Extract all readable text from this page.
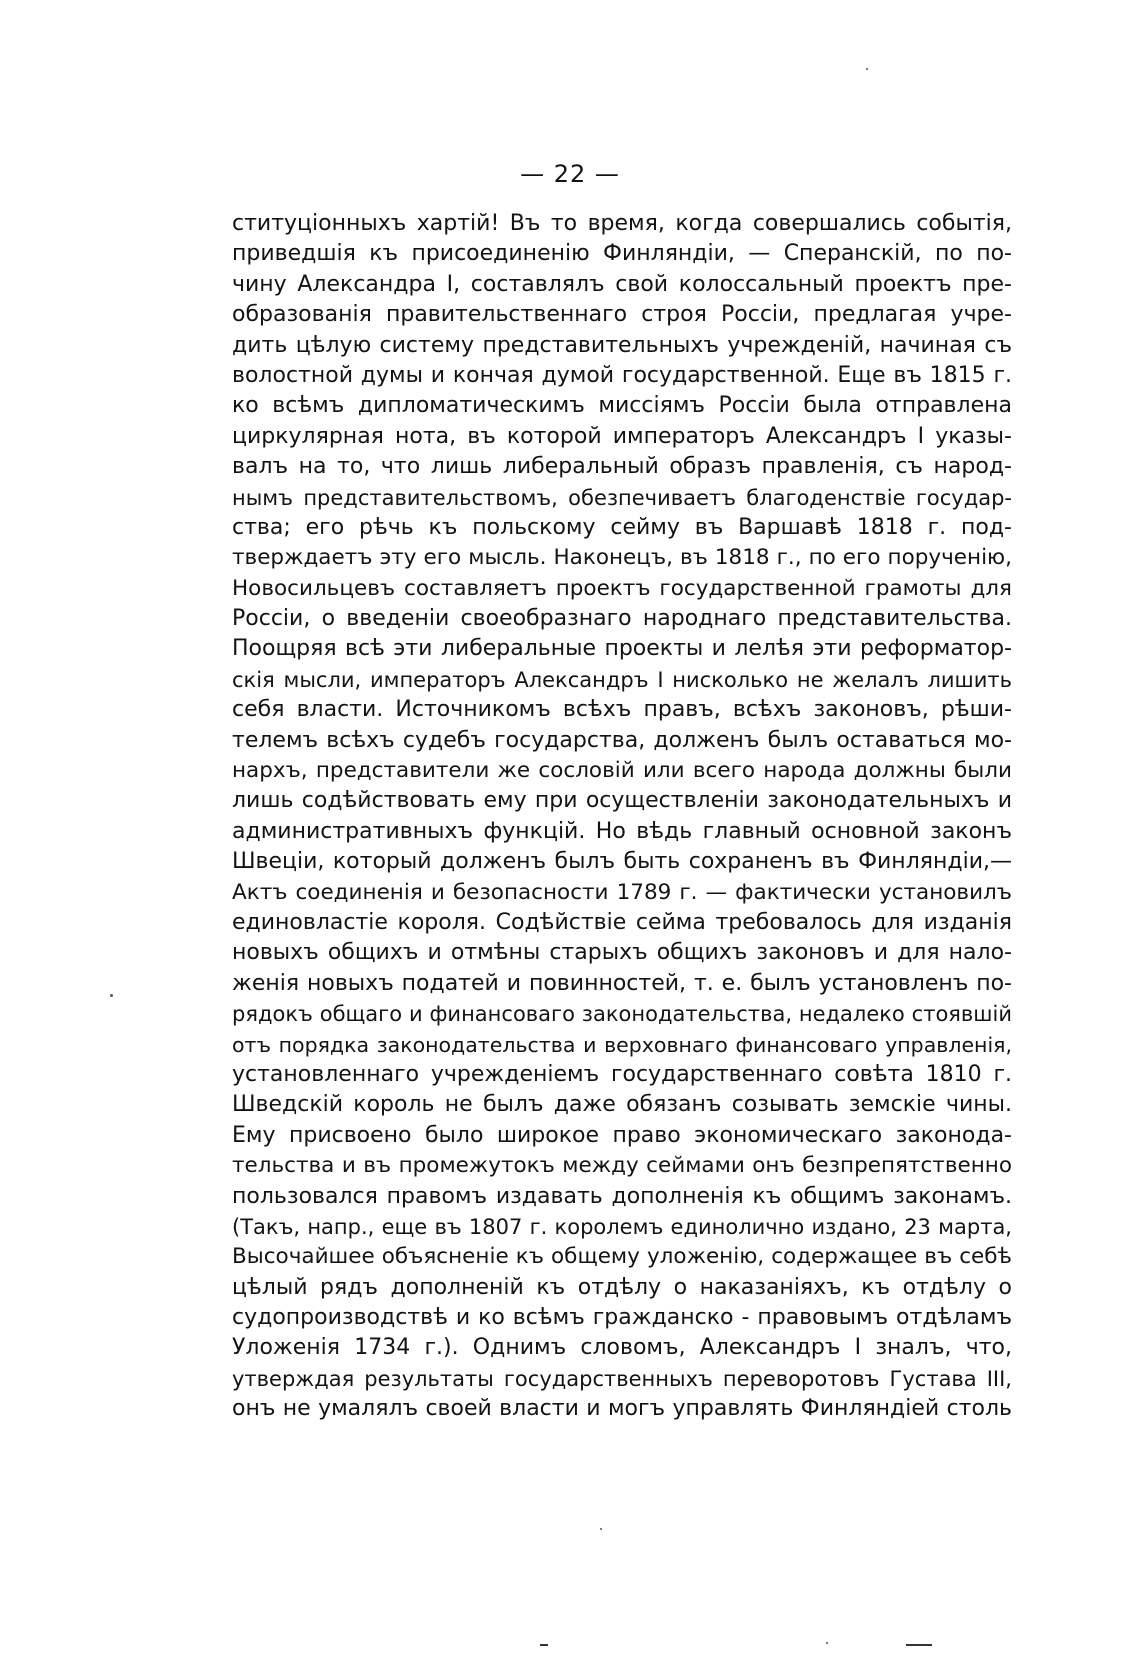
— 22 —
ституціонныхъ хартій! Въ то время, когда совершались событія,
приведшія къ присоединенію Финляндіи, — Сперанскій, по по-
чину Александра I, составлялъ свой колоссальный проектъ пре-
образованія правительственнаго строя Россіи, предлагая учре-
дить цѣлую систему представительныхъ учрежденій, начиная съ
волостной думы и кончая думой государственной. Еще въ 1815 г.
ко всѣмъ дипломатическимъ миссіямъ Россіи была отправлена
циркулярная нота, въ которой императоръ Александръ I указы-
валъ на то, что лишь либеральный образъ правленія, съ народ-
нымъ представительствомъ, обезпечиваетъ благоденствіе государ-
ства; его рѣчь къ польскому сейму въ Варшавѣ 1818 г. под-
тверждаетъ эту его мысль. Наконецъ, въ 1818 г., по его порученію,
Новосильцевъ составляетъ проектъ государственной грамоты для
Россіи, о введеніи своеобразнаго народнаго представительства.
Поощряя всѣ эти либеральные проекты и лелѣя эти реформатор-
скія мысли, императоръ Александръ I нисколько не желалъ лишить
себя власти. Источникомъ всѣхъ правъ, всѣхъ законовъ, рѣши-
телемъ всѣхъ судебъ государства, долженъ былъ оставаться мо-
нархъ, представители же сословій или всего народа должны были
лишь содѣйствовать ему при осуществленіи законодательныхъ и
административныхъ функцій. Но вѣдь главный основной законъ
Швеціи, который долженъ былъ быть сохраненъ въ Финляндіи,—
Актъ соединенія и безопасности 1789 г. — фактически установилъ
единовластіе короля. Содѣйствіе сейма требовалось для изданія
новыхъ общихъ и отмѣны старыхъ общихъ законовъ и для нало-
женія новыхъ податей и повинностей, т. е. былъ установленъ по-
рядокъ общаго и финансоваго законодательства, недалеко стоявшій
отъ порядка законодательства и верховнаго финансоваго управленія,
установленнаго учрежденіемъ государственнаго совѣта 1810 г.
Шведскій король не былъ даже обязанъ созывать земскіе чины.
Ему присвоено было широкое право экономическаго законода-
тельства и въ промежутокъ между сеймами онъ безпрепятственно
пользовался правомъ издавать дополненія къ общимъ законамъ.
(Такъ, напр., еще въ 1807 г. королемъ единолично издано, 23 марта,
Высочайшее объясненіе къ общему уложенію, содержащее въ себѣ
цѣлый рядъ дополненій къ отдѣлу о наказаніяхъ, къ отдѣлу о
судопроизводствѣ и ко всѣмъ гражданско - правовымъ отдѣламъ
Уложенія 1734 г.). Однимъ словомъ, Александръ I зналъ, что,
утверждая результаты государственныхъ переворотовъ Густава III,
онъ не умалялъ своей власти и могъ управлять Финляндіей столь
